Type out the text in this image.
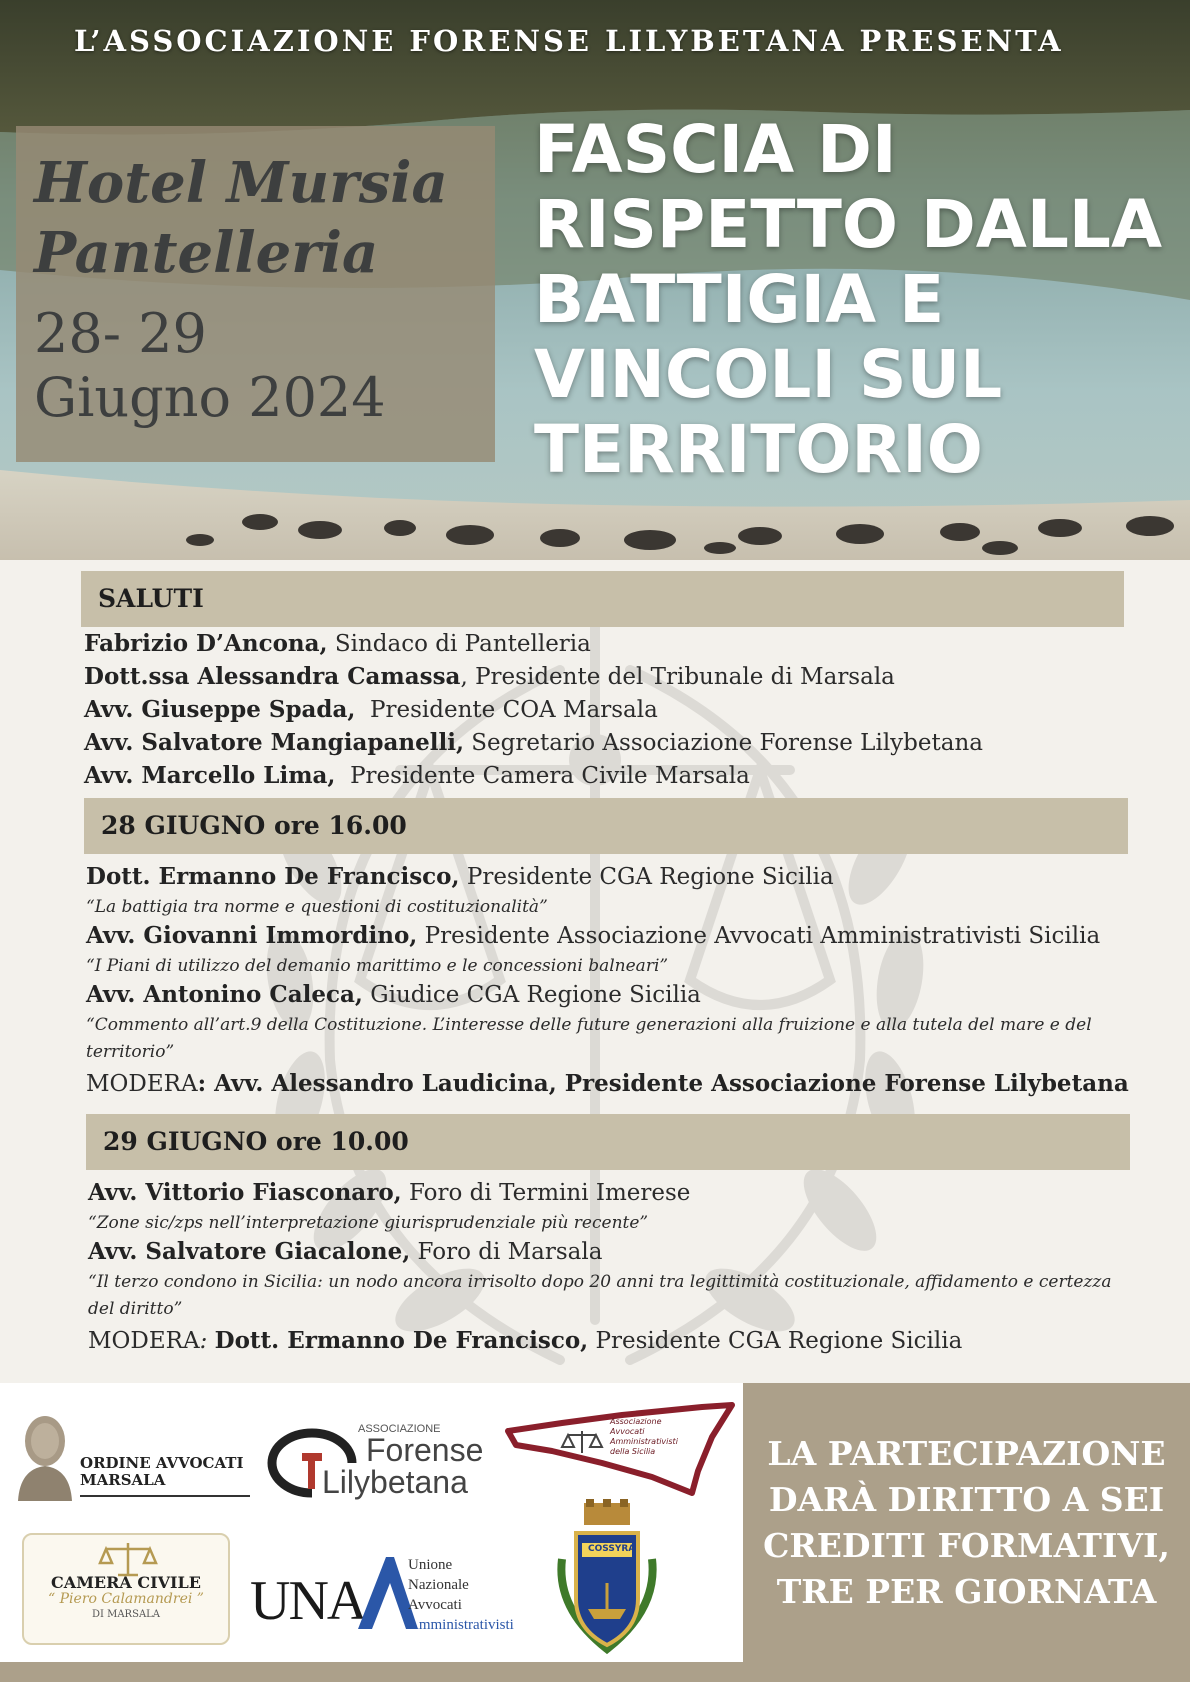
L’ASSOCIAZIONE FORENSE LILYBETANA PRESENTA
Hotel Mursia
Pantelleria
28- 29
Giugno 2024
FASCIA DI
RISPETTO DALLA
BATTIGIA E
VINCOLI SUL
TERRITORIO
SALUTI
Fabrizio D’Ancona, Sindaco di Pantelleria
Dott.ssa Alessandra Camassa, Presidente del Tribunale di Marsala
Avv. Giuseppe Spada,  Presidente COA Marsala
Avv. Salvatore Mangiapanelli, Segretario Associazione Forense Lilybetana
Avv. Marcello Lima,  Presidente Camera Civile Marsala
28 GIUGNO ore 16.00
Dott. Ermanno De Francisco, Presidente CGA Regione Sicilia
“La battigia tra norme e questioni di costituzionalità”
Avv. Giovanni Immordino, Presidente Associazione Avvocati Amministrativisti Sicilia
“I Piani di utilizzo del demanio marittimo e le concessioni balneari”
Avv. Antonino Caleca, Giudice CGA Regione Sicilia
“Commento all’art.9 della Costituzione. L’interesse delle future generazioni alla fruizione e alla tutela del mare e del
territorio”
MODERA: Avv. Alessandro Laudicina, Presidente Associazione Forense Lilybetana
29 GIUGNO ore 10.00
Avv. Vittorio Fiasconaro, Foro di Termini Imerese
“Zone sic/zps nell’interpretazione giurisprudenziale più recente”
Avv. Salvatore Giacalone, Foro di Marsala
“Il terzo condono in Sicilia: un nodo ancora irrisolto dopo 20 anni tra legittimità costituzionale, affidamento e certezza
del diritto”
MODERA: Dott. Ermanno De Francisco, Presidente CGA Regione Sicilia
ORDINE AVVOCATI
MARSALA
ASSOCIAZIONE
Forense
Lilybetana
Associazione
Avvocati
Amministrativisti
della Sicilia
CAMERA CIVILE
“ Piero Calamandrei ”
DI MARSALA	UNA
Unione
Nazionale
Avvocati
Amministrativisti
COSSYRA
LA PARTECIPAZIONE
DARÀ DIRITTO A SEI
CREDITI FORMATIVI,
TRE PER GIORNATA
